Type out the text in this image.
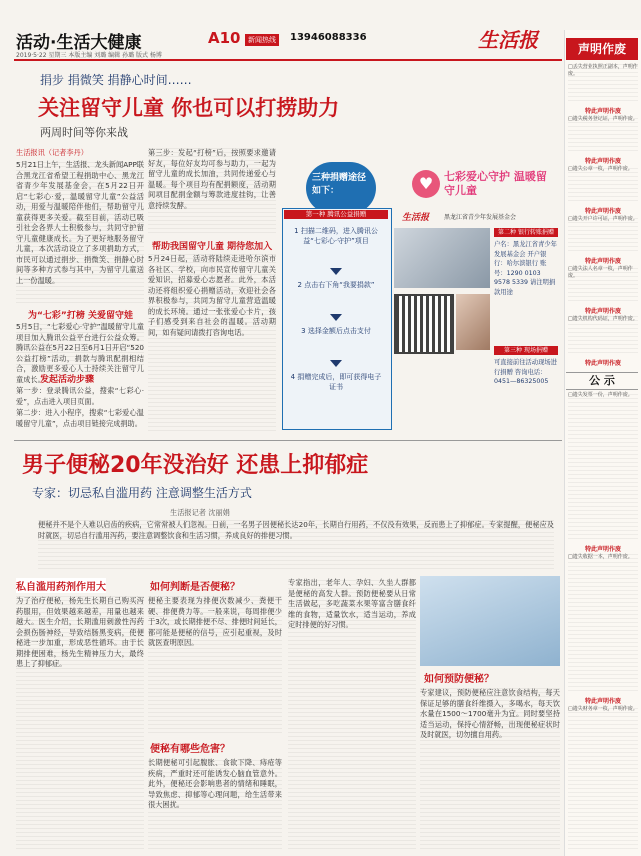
活动·生活大健康	A10	新闻热线	13946088336	生活报
2019·5·22 星期三 本版主编 刘璐 编辑 孙璐 版式 杨博
捐步 捐微笑 捐静心时间……
关注留守儿童 你也可以打捞助力
两周时间等你来战
生活报讯（记者李丹）
5月21日上午，生活报、龙头新闻APP联合黑龙江省希望工程捐助中心、黑龙江省青少年发展基金会，在5月22日开启“七彩心·爱，温暖留守儿童”公益活动，用爱与温暖陪伴他们，帮助留守儿童获得更多关爱。截至目前，活动已吸引社会各界人士积极参与，共同守护留守儿童健康成长。为了更好地服务留守儿童，本次活动设立了多项捐助方式，市民可以通过捐步、捐微笑、捐静心时间等多种方式参与其中，为留守儿童送上一份温暖。
为“七彩”打榜 关爱留守娃
5月5日，“七彩爱心·守护”温暖留守儿童项目加入腾讯公益平台进行公益众筹。腾讯公益在5月22日至6月1日开启“520公益打榜”活动，捐款与腾讯配捐相结合，激励更多爱心人士持续关注留守儿童成长。
发起活动步骤
第一步：登录腾讯公益，搜索“七彩心·爱”，点击进入项目页面。
第二步：进入小程序，搜索“七彩爱心温暖留守儿童”，点击项目链接完成捐助。
第三步：发起“打榜”后，按照要求邀请好友，每位好友均可参与助力，一起为留守儿童的成长加油，共同传递爱心与温暖。每个项目均有配捐额度，活动期间项目配捐金额与筹款进度挂钩，让善意持续发酵。
帮助我国留守儿童 期待您加入
5月24日起，活动将陆续走进哈尔滨市各社区、学校，向市民宣传留守儿童关爱知识，招募爱心志愿者。此外，本活动还将组织爱心捐赠活动，欢迎社会各界积极参与，共同为留守儿童营造温暖的成长环境。通过一张张爱心卡片，孩子们感受到来自社会的温暖。活动期间，如有疑问请拨打咨询电话。
三种捐赠途径如下：	♥ 七彩爱心守护 温暖留守儿童
生活报 黑龙江省青少年发展基金会
第一种 腾讯公益捐赠
1 扫描二维码，进入腾讯公益“七彩心·守护”项目
2 点击右下角“我要捐款”
3 选择金额后点击支付
4 捐赠完成后，即可获得电子证书
第二种 银行转账捐赠
户名：黑龙江省青少年发展基金会 开户银行：哈尔滨银行 账号：1290 0103 9578 5339 请注明捐款用途
第三种 现场捐赠
可直接前往活动现场进行捐赠 咨询电话：0451—86325005
男子便秘20年没治好 还患上抑郁症
专家：切忌私自滥用药 注意调整生活方式
生活报记者 沈丽娟
便秘并不是个人难以启齿的疾病，它常常被人们忽视。日前，一名男子因便秘长达20年，长期自行用药，不仅没有效果，反而患上了抑郁症。专家提醒，便秘应及时就医，切忌自行滥用泻药，要注意调整饮食和生活习惯，养成良好的排便习惯。
私自滥用药剂作用大
为了治疗便秘，杨先生长期自己购买泻药服用，但效果越来越差，用量也越来越大。医生介绍，长期滥用刺激性泻药会损伤肠神经，导致结肠黑变病，使便秘进一步加重，形成恶性循环。由于长期排便困难，杨先生精神压力大，最终患上了抑郁症。
如何判断是否便秘？
便秘主要表现为排便次数减少、粪便干硬、排便费力等。一般来说，每周排便少于3次，或长期排便不尽、排便时间延长，都可能是便秘的信号，应引起重视，及时就医查明原因。
便秘有哪些危害？
长期便秘可引起腹胀、食欲下降、痔疮等疾病，严重时还可能诱发心脑血管意外。此外，便秘还会影响患者的情绪和睡眠，导致焦虑、抑郁等心理问题，给生活带来很大困扰。
专家指出，老年人、孕妇、久坐人群都是便秘的高发人群。预防便秘要从日常生活做起，多吃蔬菜水果等富含膳食纤维的食物，适量饮水，适当运动，养成定时排便的好习惯。
如何预防便秘？
专家建议，预防便秘应注意饮食结构，每天保证足够的膳食纤维摄入，多喝水，每天饮水量在1500～1700毫升为宜。同时要坚持适当运动，保持心情舒畅，出现便秘症状时及时就医，切勿擅自用药。
声明作废
□丢失营业执照正副本，声明作废。
特此声明作废
□遗失税务登记证，声明作废。
特此声明作废
□遗失公章一枚，声明作废。
特此声明作废
□遗失开户许可证，声明作废。
特此声明作废
□遗失法人名章一枚，声明作废。
特此声明作废
□遗失机构代码证，声明作废。
特此声明作废
公 示
□遗失发票一份，声明作废。
特此声明作废
□遗失收据一本，声明作废。
特此声明作废
□遗失财务章一枚，声明作废。
